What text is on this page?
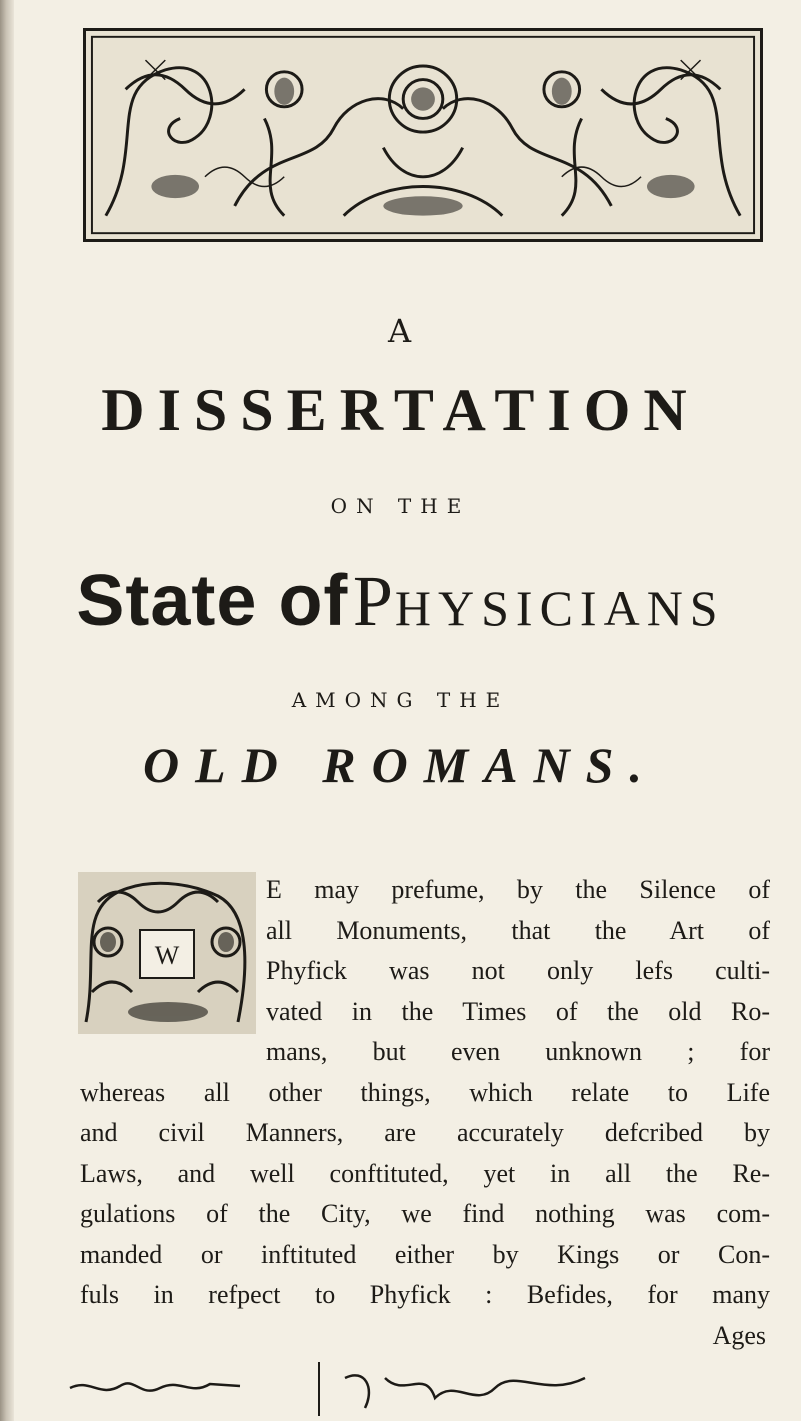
A
DISSERTATION
ON THE
State of PHYSICIANS
AMONG THE
OLD ROMANS.
W
E may prefume, by the Silence of
all Monuments, that the Art of
Phyfick was not only lefs culti-
vated in the Times of the old Ro-
mans, but even unknown ; for
whereas all other things, which relate to Life
and civil Manners, are accurately defcribed by
Laws, and well conftituted, yet in all the Re-
gulations of the City, we find nothing was com-
manded or inftituted either by Kings or Con-
fuls in refpect to Phyfick : Befides, for many
Ages
